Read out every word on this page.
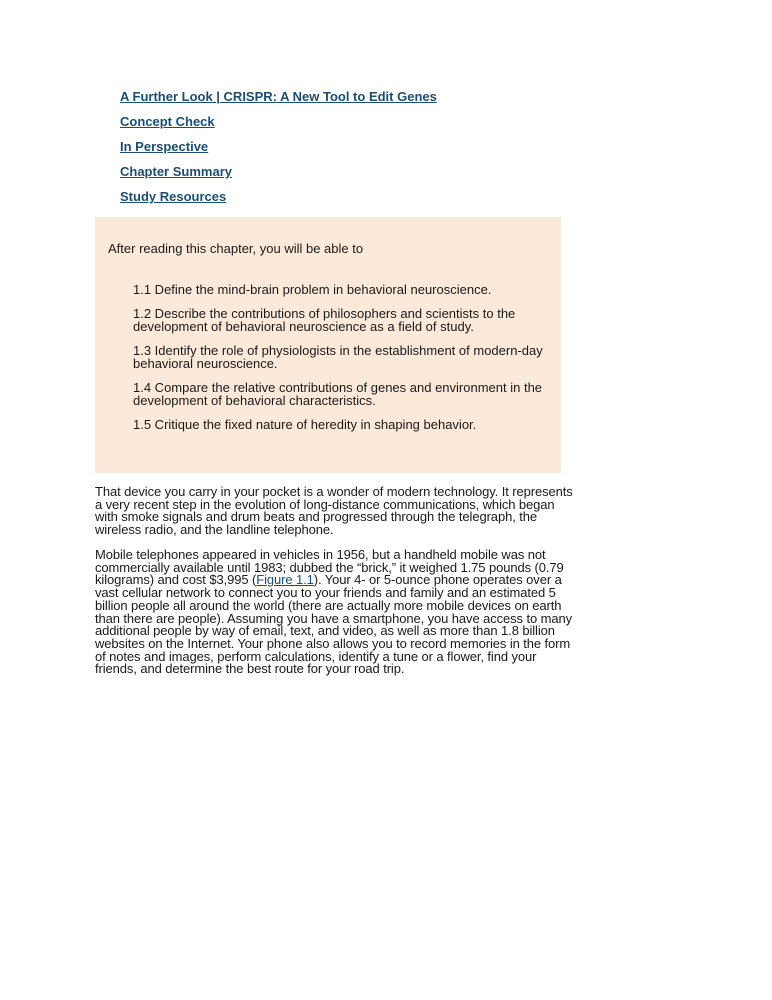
A Further Look | CRISPR: A New Tool to Edit Genes
Concept Check
In Perspective
Chapter Summary
Study Resources

After reading this chapter, you will be able to

1.1 Define the mind-brain problem in behavioral neuroscience.
1.2 Describe the contributions of philosophers and scientists to the development of behavioral neuroscience as a field of study.
1.3 Identify the role of physiologists in the establishment of modern-day behavioral neuroscience.
1.4 Compare the relative contributions of genes and environment in the development of behavioral characteristics.
1.5 Critique the fixed nature of heredity in shaping behavior.

That device you carry in your pocket is a wonder of modern technology. It represents a very recent step in the evolution of long-distance communications, which began with smoke signals and drum beats and progressed through the telegraph, the wireless radio, and the landline telephone.

Mobile telephones appeared in vehicles in 1956, but a handheld mobile was not commercially available until 1983; dubbed the “brick,” it weighed 1.75 pounds (0.79 kilograms) and cost $3,995 (Figure 1.1). Your 4- or 5-ounce phone operates over a vast cellular network to connect you to your friends and family and an estimated 5 billion people all around the world (there are actually more mobile devices on earth than there are people). Assuming you have a smartphone, you have access to many additional people by way of email, text, and video, as well as more than 1.8 billion websites on the Internet. Your phone also allows you to record memories in the form of notes and images, perform calculations, identify a tune or a flower, find your friends, and determine the best route for your road trip.
